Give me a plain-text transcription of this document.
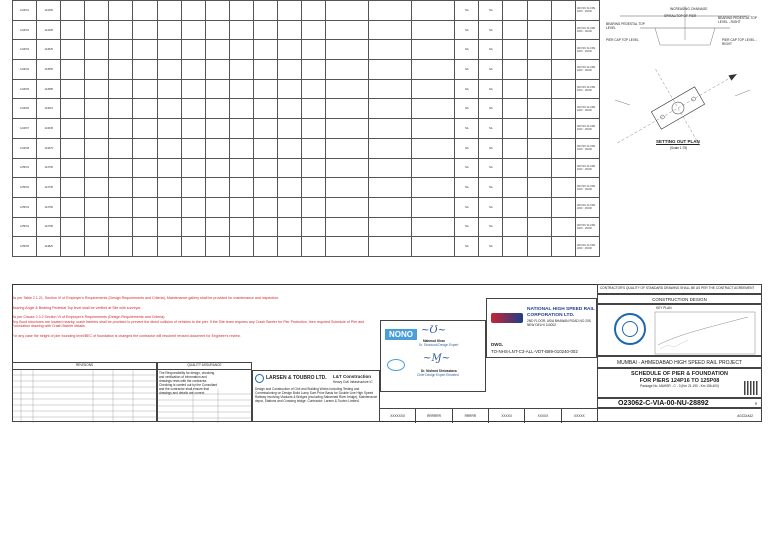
124P01	124465															NA	NA				CROSS SLOPE 1000 : 16000
124P02	124495															NA	NA				CROSS SLOPE 1000 : 16000
124P03	124525															NA	NA				CROSS SLOPE 1000 : 16000
124P04	124555															NA	NA				CROSS SLOPE 1000 : 16000
124P05	124585															NA	NA				CROSS SLOPE 1000 : 16000
124P06	124615															NA	NA				CROSS SLOPE 1000 : 16000
124P07	124645															NA	NA				CROSS SLOPE 1000 : 16000
124P08	124675															NA	NA				CROSS SLOPE 1000 : 16000
125P01	124705															NA	NA				CROSS SLOPE 1000 : 16000
125P02	124735															NA	NA				CROSS SLOPE 1000 : 16000
125P03	124765															NA	NA				CROSS SLOPE 1000 : 16000
125P04	124795															NA	NA				CROSS SLOPE 1000 : 16000
125P05	124825															NA	NA				CROSS SLOPE 1000 : 16000
INCREASING CHAINAGE
BEARING PEDESTAL TOP LEVEL
BEARING PEDESTAL TOP LEVEL - RIGHT
PIER CAP TOP LEVEL	PIER CAP TOP LEVEL - RIGHT
SPIRAL/TOP OF PIER
SETTING OUT PLAN
(Scale 1:75)
As per Table 2.1.21, Section VI of Employer's Requirements (Design Requirements and Criteria), Maintenance gallery shall be provided for maintenance and inspection.
Bearing Angle & Bearing Pedestal Top level shall be verified at Site with surveyor.
As per Clause 2.3.2 Section VI of Employer's Requirements (Design Requirements and Criteria).
Any flood structures are located nearby, crash barriers shall be provided to prevent the direct collision of vehicles to the pier. If the Site team requires any Crash Barrier for Pier Protection, then required Schedule of Pier and Foundation drawing with Crash Barrier details.
For any case the height of pier founding level/BEC of foundation is changed the contractor will resubmit revised document for Engineer's review.
CONTRACTOR'S QUALITY OF STANDARD DRAWING SHALL BE AS PER THE CONTRACT AGREEMENT
CONSTRUCTION DESIGN
KEY PLAN
MUMBAI - AHMEDABAD HIGH SPEED RAIL PROJECT
SCHEDULE OF PIER & FOUNDATION
FOR PIERS 124P16 TO 125P08
Package No. MAHSR - C - 3 (Km 21.190 - Km 156.400)
O23062-C-VIA-00-NU-28892	R
AGCD/A42
NONO ~Ʊ~
Mahmud Khan
Sr. Structural Design Expert
~Ɱ~
Dr. Nishant Shrivastava
Chief Design Expert Elevated
NATIONAL HIGH SPEED RAIL CORPORATION LTD.
2ND FLOOR, ASIA BHAWAN ROAD NO 205, NEW DELHI 110002
DWG.
TO-NHS-LNT-C3-ALL-VDT-B89-010240-002
REVISIONS	QUALITY ASSURANCE
The Responsibility for design, checking and verification of information and drawings rests with the contractor. Checking is carried out by the Consultant and the contractor shall ensure that drawings and details are correct.
LARSEN & TOUBRO LTD. L&T Construction
Heavy Civil Infrastructure IC
Design and Construction of Civil and Building Works including Testing and Commissioning on Design Build Lump Sum Price Basis for Double Line High Speed Railway involving Viaducts & Bridges (excluding Sabarmati River bridge), Maintenance depot, Stations and Crossing bridge. Contractor: Larsen & Toubro Limited.
XXXXXXX	RRRRRR	RRRRR	XXXXX	XXXXX	XXXXX
